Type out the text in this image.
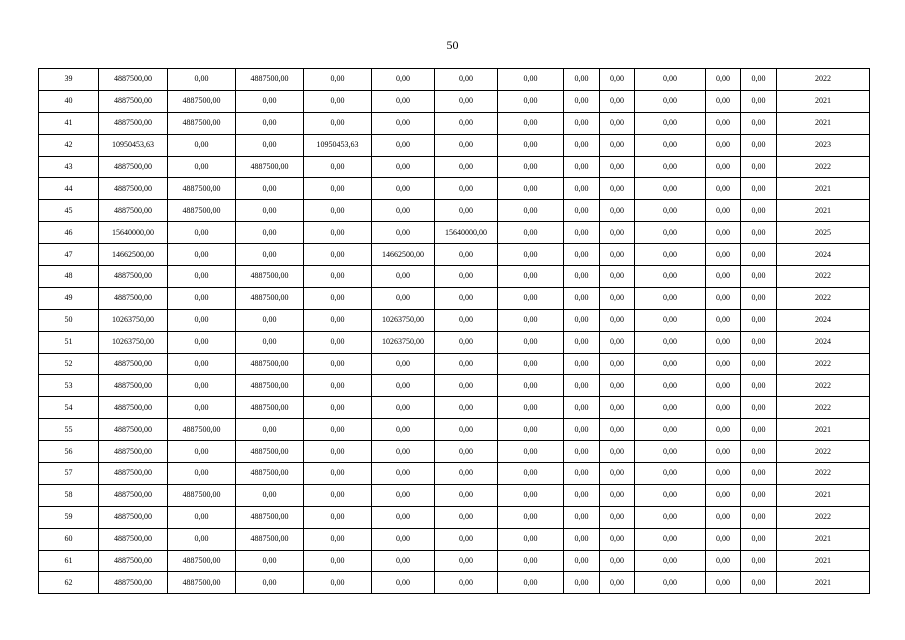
50
39	4887500,00	0,00	4887500,00	0,00	0,00	0,00	0,00	0,00	0,00	0,00	0,00	0,00	2022
40	4887500,00	4887500,00	0,00	0,00	0,00	0,00	0,00	0,00	0,00	0,00	0,00	0,00	2021
41	4887500,00	4887500,00	0,00	0,00	0,00	0,00	0,00	0,00	0,00	0,00	0,00	0,00	2021
42	10950453,63	0,00	0,00	10950453,63	0,00	0,00	0,00	0,00	0,00	0,00	0,00	0,00	2023
43	4887500,00	0,00	4887500,00	0,00	0,00	0,00	0,00	0,00	0,00	0,00	0,00	0,00	2022
44	4887500,00	4887500,00	0,00	0,00	0,00	0,00	0,00	0,00	0,00	0,00	0,00	0,00	2021
45	4887500,00	4887500,00	0,00	0,00	0,00	0,00	0,00	0,00	0,00	0,00	0,00	0,00	2021
46	15640000,00	0,00	0,00	0,00	0,00	15640000,00	0,00	0,00	0,00	0,00	0,00	0,00	2025
47	14662500,00	0,00	0,00	0,00	14662500,00	0,00	0,00	0,00	0,00	0,00	0,00	0,00	2024
48	4887500,00	0,00	4887500,00	0,00	0,00	0,00	0,00	0,00	0,00	0,00	0,00	0,00	2022
49	4887500,00	0,00	4887500,00	0,00	0,00	0,00	0,00	0,00	0,00	0,00	0,00	0,00	2022
50	10263750,00	0,00	0,00	0,00	10263750,00	0,00	0,00	0,00	0,00	0,00	0,00	0,00	2024
51	10263750,00	0,00	0,00	0,00	10263750,00	0,00	0,00	0,00	0,00	0,00	0,00	0,00	2024
52	4887500,00	0,00	4887500,00	0,00	0,00	0,00	0,00	0,00	0,00	0,00	0,00	0,00	2022
53	4887500,00	0,00	4887500,00	0,00	0,00	0,00	0,00	0,00	0,00	0,00	0,00	0,00	2022
54	4887500,00	0,00	4887500,00	0,00	0,00	0,00	0,00	0,00	0,00	0,00	0,00	0,00	2022
55	4887500,00	4887500,00	0,00	0,00	0,00	0,00	0,00	0,00	0,00	0,00	0,00	0,00	2021
56	4887500,00	0,00	4887500,00	0,00	0,00	0,00	0,00	0,00	0,00	0,00	0,00	0,00	2022
57	4887500,00	0,00	4887500,00	0,00	0,00	0,00	0,00	0,00	0,00	0,00	0,00	0,00	2022
58	4887500,00	4887500,00	0,00	0,00	0,00	0,00	0,00	0,00	0,00	0,00	0,00	0,00	2021
59	4887500,00	0,00	4887500,00	0,00	0,00	0,00	0,00	0,00	0,00	0,00	0,00	0,00	2022
60	4887500,00	0,00	4887500,00	0,00	0,00	0,00	0,00	0,00	0,00	0,00	0,00	0,00	2021
61	4887500,00	4887500,00	0,00	0,00	0,00	0,00	0,00	0,00	0,00	0,00	0,00	0,00	2021
62	4887500,00	4887500,00	0,00	0,00	0,00	0,00	0,00	0,00	0,00	0,00	0,00	0,00	2021
